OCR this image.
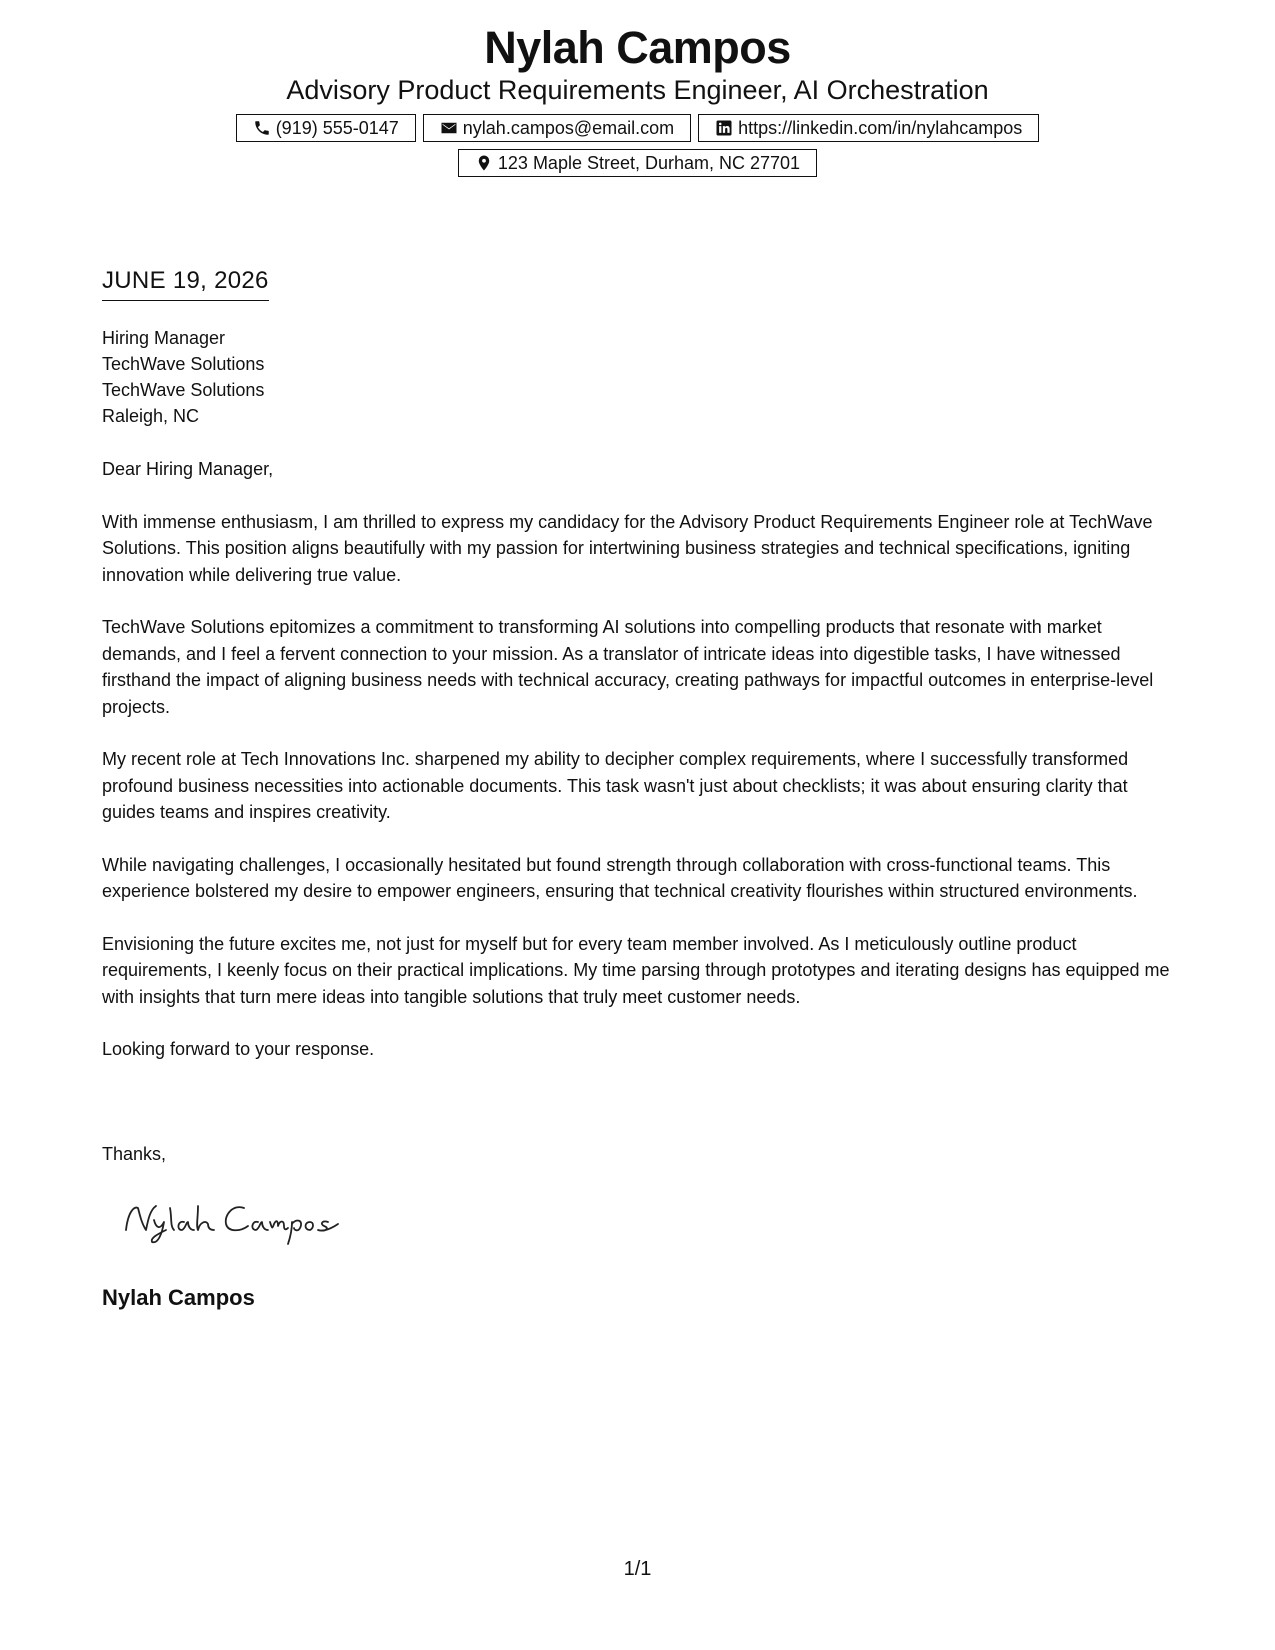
Nylah Campos
Advisory Product Requirements Engineer, AI Orchestration
(919) 555-0147	nylah.campos@email.com	https://linkedin.com/in/nylahcampos
123 Maple Street, Durham, NC 27701
JUNE 19, 2026
Hiring Manager
TechWave Solutions
TechWave Solutions
Raleigh, NC

Dear Hiring Manager,

With immense enthusiasm, I am thrilled to express my candidacy for the Advisory Product Requirements Engineer role at TechWave Solutions. This position aligns beautifully with my passion for intertwining business strategies and technical specifications, igniting innovation while delivering true value.

TechWave Solutions epitomizes a commitment to transforming AI solutions into compelling products that resonate with market demands, and I feel a fervent connection to your mission. As a translator of intricate ideas into digestible tasks, I have witnessed firsthand the impact of aligning business needs with technical accuracy, creating pathways for impactful outcomes in enterprise-level projects.

My recent role at Tech Innovations Inc. sharpened my ability to decipher complex requirements, where I successfully transformed profound business necessities into actionable documents. This task wasn't just about checklists; it was about ensuring clarity that guides teams and inspires creativity.

While navigating challenges, I occasionally hesitated but found strength through collaboration with cross-functional teams. This experience bolstered my desire to empower engineers, ensuring that technical creativity flourishes within structured environments.

Envisioning the future excites me, not just for myself but for every team member involved. As I meticulously outline product requirements, I keenly focus on their practical implications. My time parsing through prototypes and iterating designs has equipped me with insights that turn mere ideas into tangible solutions that truly meet customer needs.

Looking forward to your response.

Thanks,
Nylah Campos
1/1
